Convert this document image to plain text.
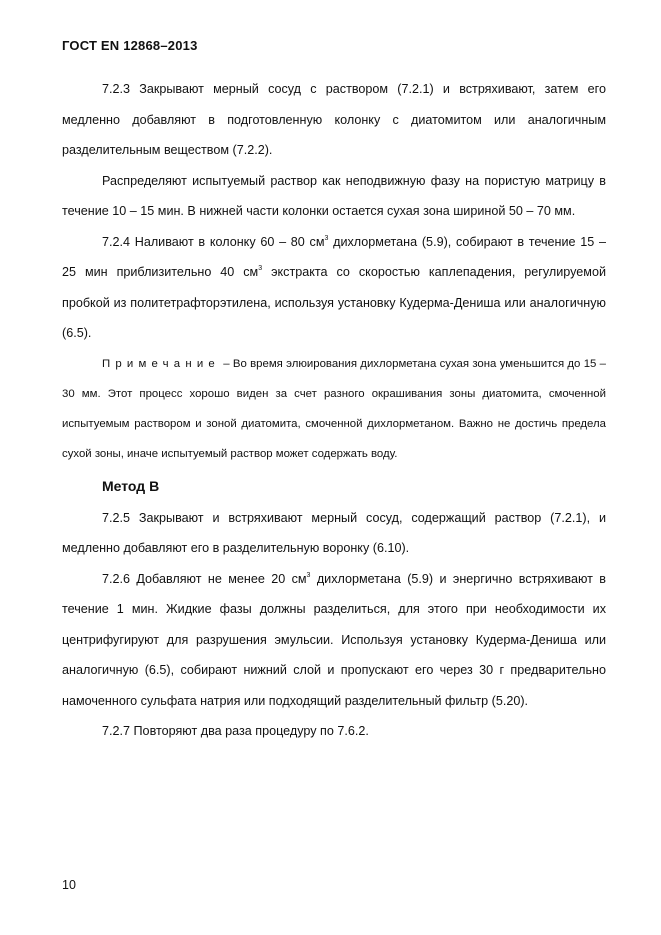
ГОСТ EN 12868–2013

7.2.3 Закрывают мерный сосуд с раствором (7.2.1) и встряхивают, затем его медленно добавляют в подготовленную колонку с диатомитом или аналогичным разделительным веществом (7.2.2).

Распределяют испытуемый раствор как неподвижную фазу на пористую матрицу в течение 10 – 15 мин. В нижней части колонки остается сухая зона шириной 50 – 70 мм.

7.2.4 Наливают в колонку 60 – 80 $см^3$ дихлорметана (5.9), собирают в течение 15 – 25 мин приблизительно 40 $см^3$ экстракта со скоростью каплепадения, регулируемой пробкой из политетрафторэтилена, используя установку Кудерма-Дениша или аналогичную (6.5).

Примечание – Во время элюирования дихлорметана сухая зона уменьшится до 15 – 30 мм. Этот процесс хорошо виден за счет разного окрашивания зоны диатомита, смоченной испытуемым раствором и зоной диатомита, смоченной дихлорметаном. Важно не достичь предела сухой зоны, иначе испытуемый раствор может содержать воду.

Метод В

7.2.5 Закрывают и встряхивают мерный сосуд, содержащий раствор (7.2.1), и медленно добавляют его в разделительную воронку (6.10).

7.2.6 Добавляют не менее 20 $см^3$ дихлорметана (5.9) и энергично встряхивают в течение 1 мин. Жидкие фазы должны разделиться, для этого при необходимости их центрифугируют для разрушения эмульсии. Используя установку Кудерма-Дениша или аналогичную (6.5), собирают нижний слой и пропускают его через 30 г предварительно намоченного сульфата натрия или подходящий разделительный фильтр (5.20).

7.2.7 Повторяют два раза процедуру по 7.6.2.

10
